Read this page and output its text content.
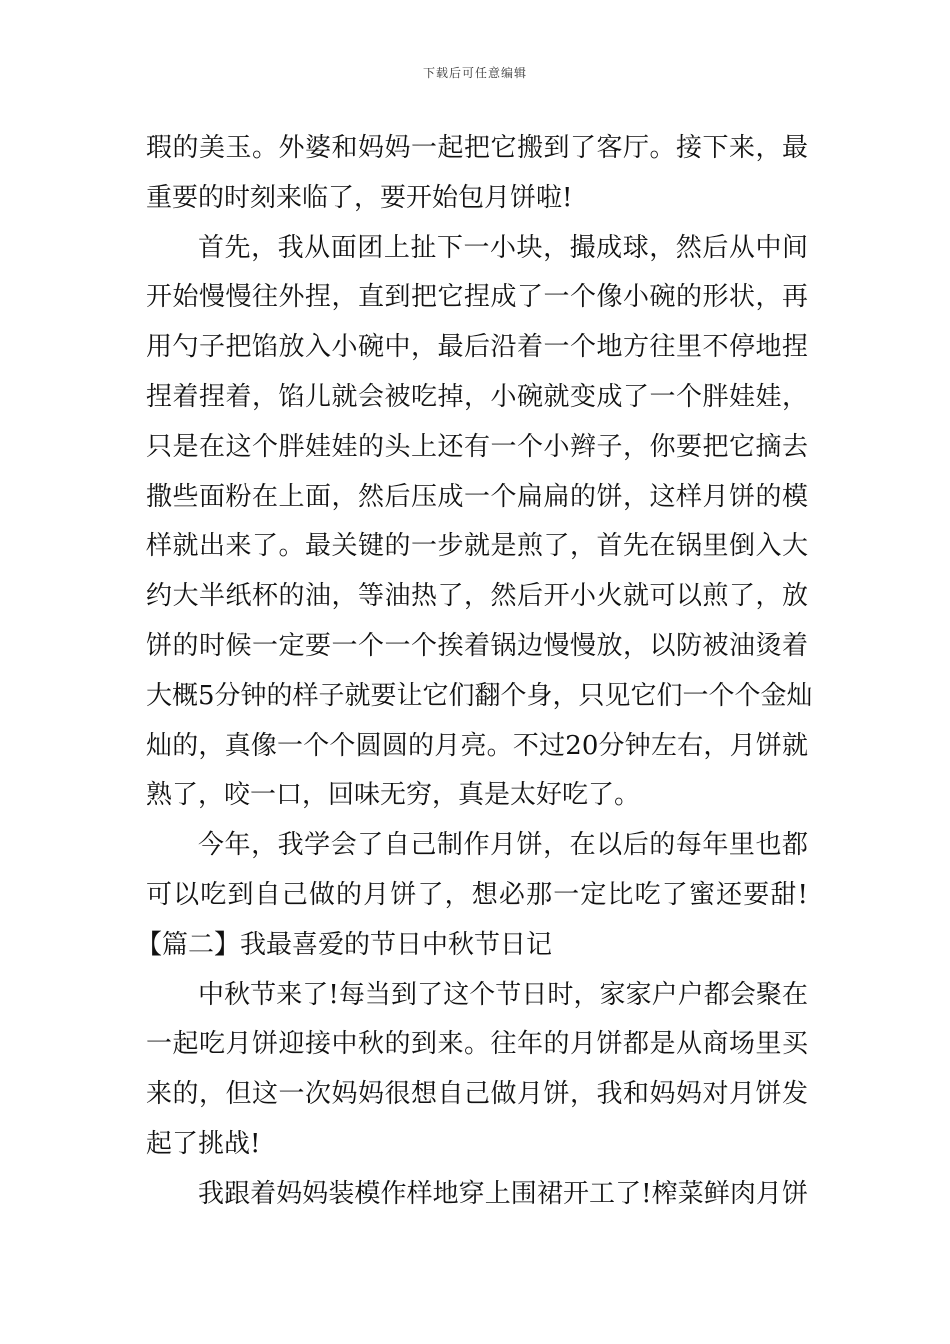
下载后可任意编辑
瑕的美玉。外婆和妈妈一起把它搬到了客厅。接下来，最
重要的时刻来临了，要开始包月饼啦!
首先，我从面团上扯下一小块，撮成球，然后从中间
开始慢慢往外捏，直到把它捏成了一个像小碗的形状，再
用勺子把馅放入小碗中，最后沿着一个地方往里不停地捏
捏着捏着，馅儿就会被吃掉，小碗就变成了一个胖娃娃，
只是在这个胖娃娃的头上还有一个小辫子，你要把它摘去
撒些面粉在上面，然后压成一个扁扁的饼，这样月饼的模
样就出来了。最关键的一步就是煎了，首先在锅里倒入大
约大半纸杯的油，等油热了，然后开小火就可以煎了，放
饼的时候一定要一个一个挨着锅边慢慢放，以防被油烫着
大概5分钟的样子就要让它们翻个身，只见它们一个个金灿
灿的，真像一个个圆圆的月亮。不过20分钟左右，月饼就
熟了，咬一口，回味无穷，真是太好吃了。
今年，我学会了自己制作月饼，在以后的每年里也都
可以吃到自己做的月饼了，想必那一定比吃了蜜还要甜!
【篇二】我最喜爱的节日中秋节日记
中秋节来了!每当到了这个节日时，家家户户都会聚在
一起吃月饼迎接中秋的到来。往年的月饼都是从商场里买
来的，但这一次妈妈很想自己做月饼，我和妈妈对月饼发
起了挑战!
我跟着妈妈装模作样地穿上围裙开工了!榨菜鲜肉月饼
